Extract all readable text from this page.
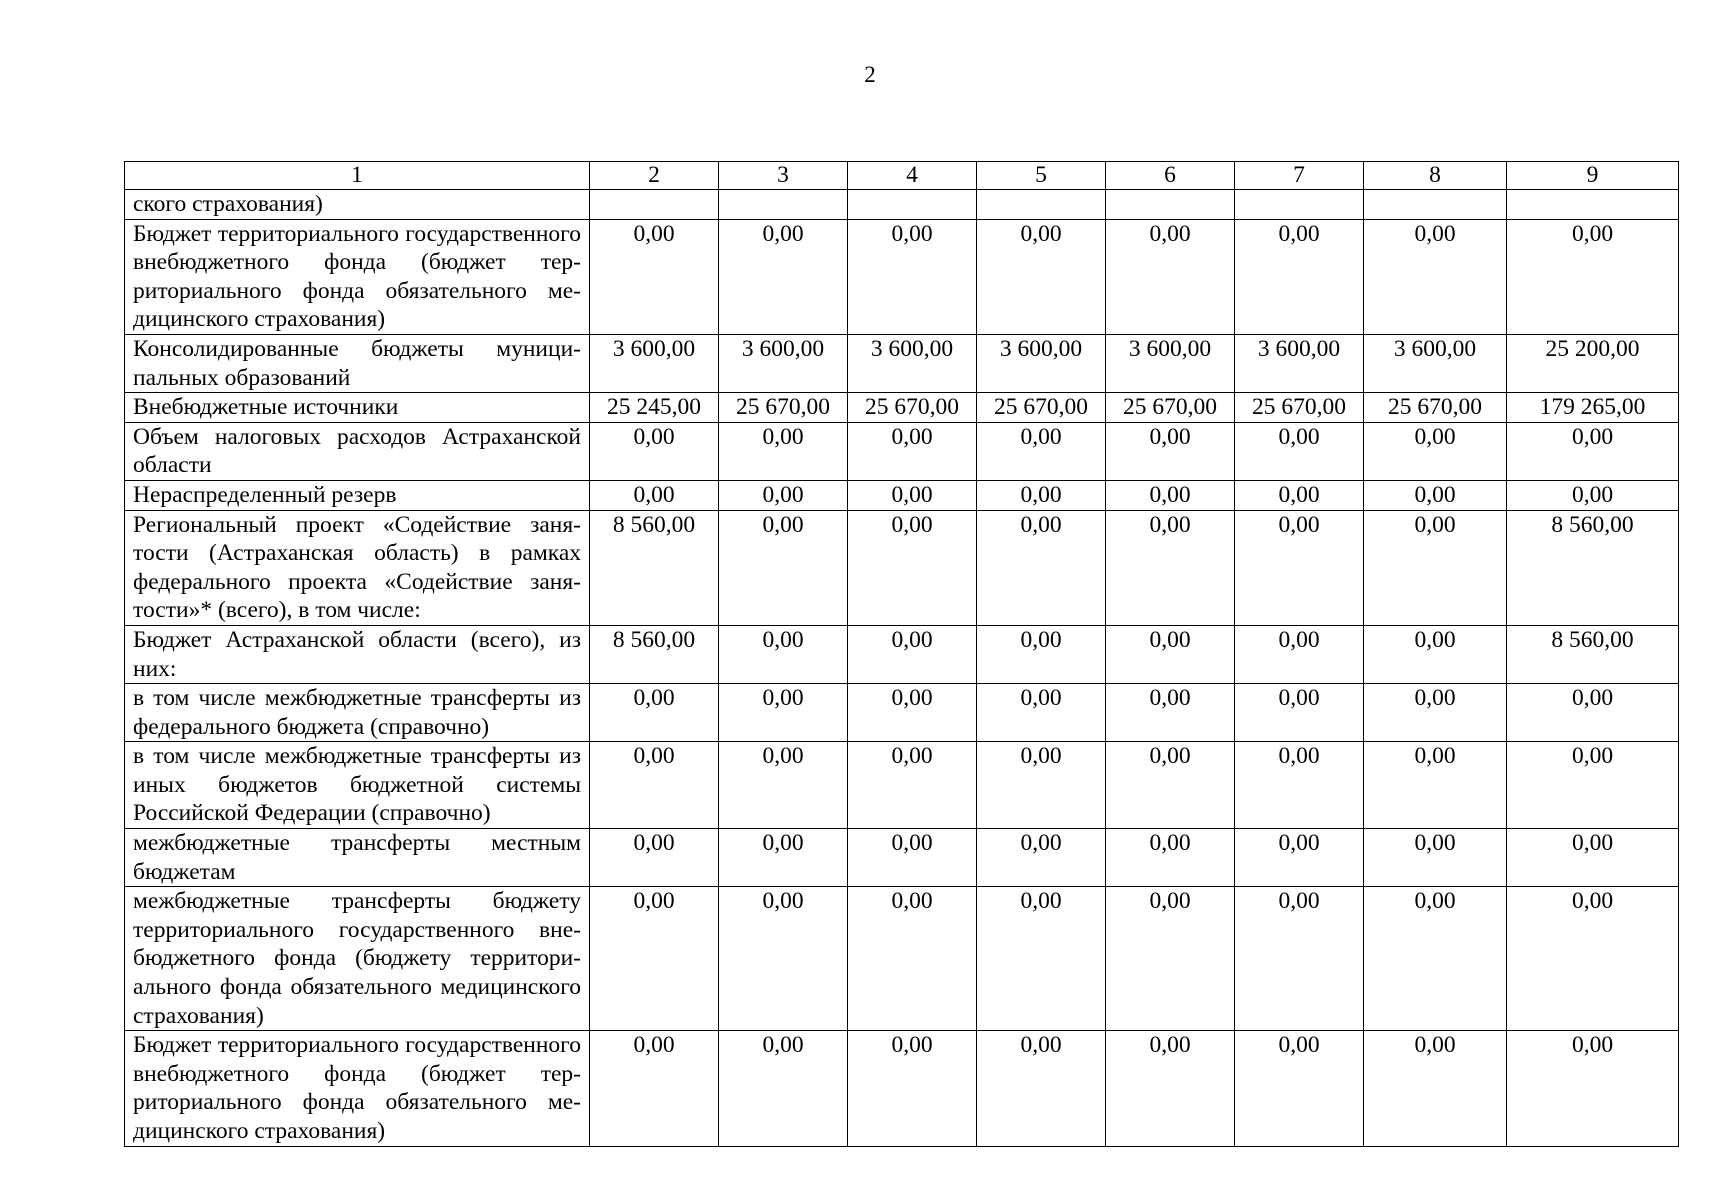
2
1	2	3	4	5	6	7	8	9
ского страхования)								
Бюджет территориального государственного внебюджетного фонда (бюджет территориального фонда обязательного медицинского страхования)	0,00	0,00	0,00	0,00	0,00	0,00	0,00	0,00
Консолидированные бюджеты муниципальных образований	3 600,00	3 600,00	3 600,00	3 600,00	3 600,00	3 600,00	3 600,00	25 200,00
Внебюджетные источники	25 245,00	25 670,00	25 670,00	25 670,00	25 670,00	25 670,00	25 670,00	179 265,00
Объем налоговых расходов Астраханской области	0,00	0,00	0,00	0,00	0,00	0,00	0,00	0,00
Нераспределенный резерв	0,00	0,00	0,00	0,00	0,00	0,00	0,00	0,00
Региональный проект «Содействие занятости (Астраханская область) в рамках федерального проекта «Содействие занятости»* (всего), в том числе:	8 560,00	0,00	0,00	0,00	0,00	0,00	0,00	8 560,00
Бюджет Астраханской области (всего), из них:	8 560,00	0,00	0,00	0,00	0,00	0,00	0,00	8 560,00
в том числе межбюджетные трансферты из федерального бюджета (справочно)	0,00	0,00	0,00	0,00	0,00	0,00	0,00	0,00
в том числе межбюджетные трансферты из иных бюджетов бюджетной системы Российской Федерации (справочно)	0,00	0,00	0,00	0,00	0,00	0,00	0,00	0,00
межбюджетные трансферты местным бюджетам	0,00	0,00	0,00	0,00	0,00	0,00	0,00	0,00
межбюджетные трансферты бюджету территориального государственного внебюджетного фонда (бюджету территориального фонда обязательного медицинского страхования)	0,00	0,00	0,00	0,00	0,00	0,00	0,00	0,00
Бюджет территориального государственного внебюджетного фонда (бюджет территориального фонда обязательного медицинского страхования)	0,00	0,00	0,00	0,00	0,00	0,00	0,00	0,00
